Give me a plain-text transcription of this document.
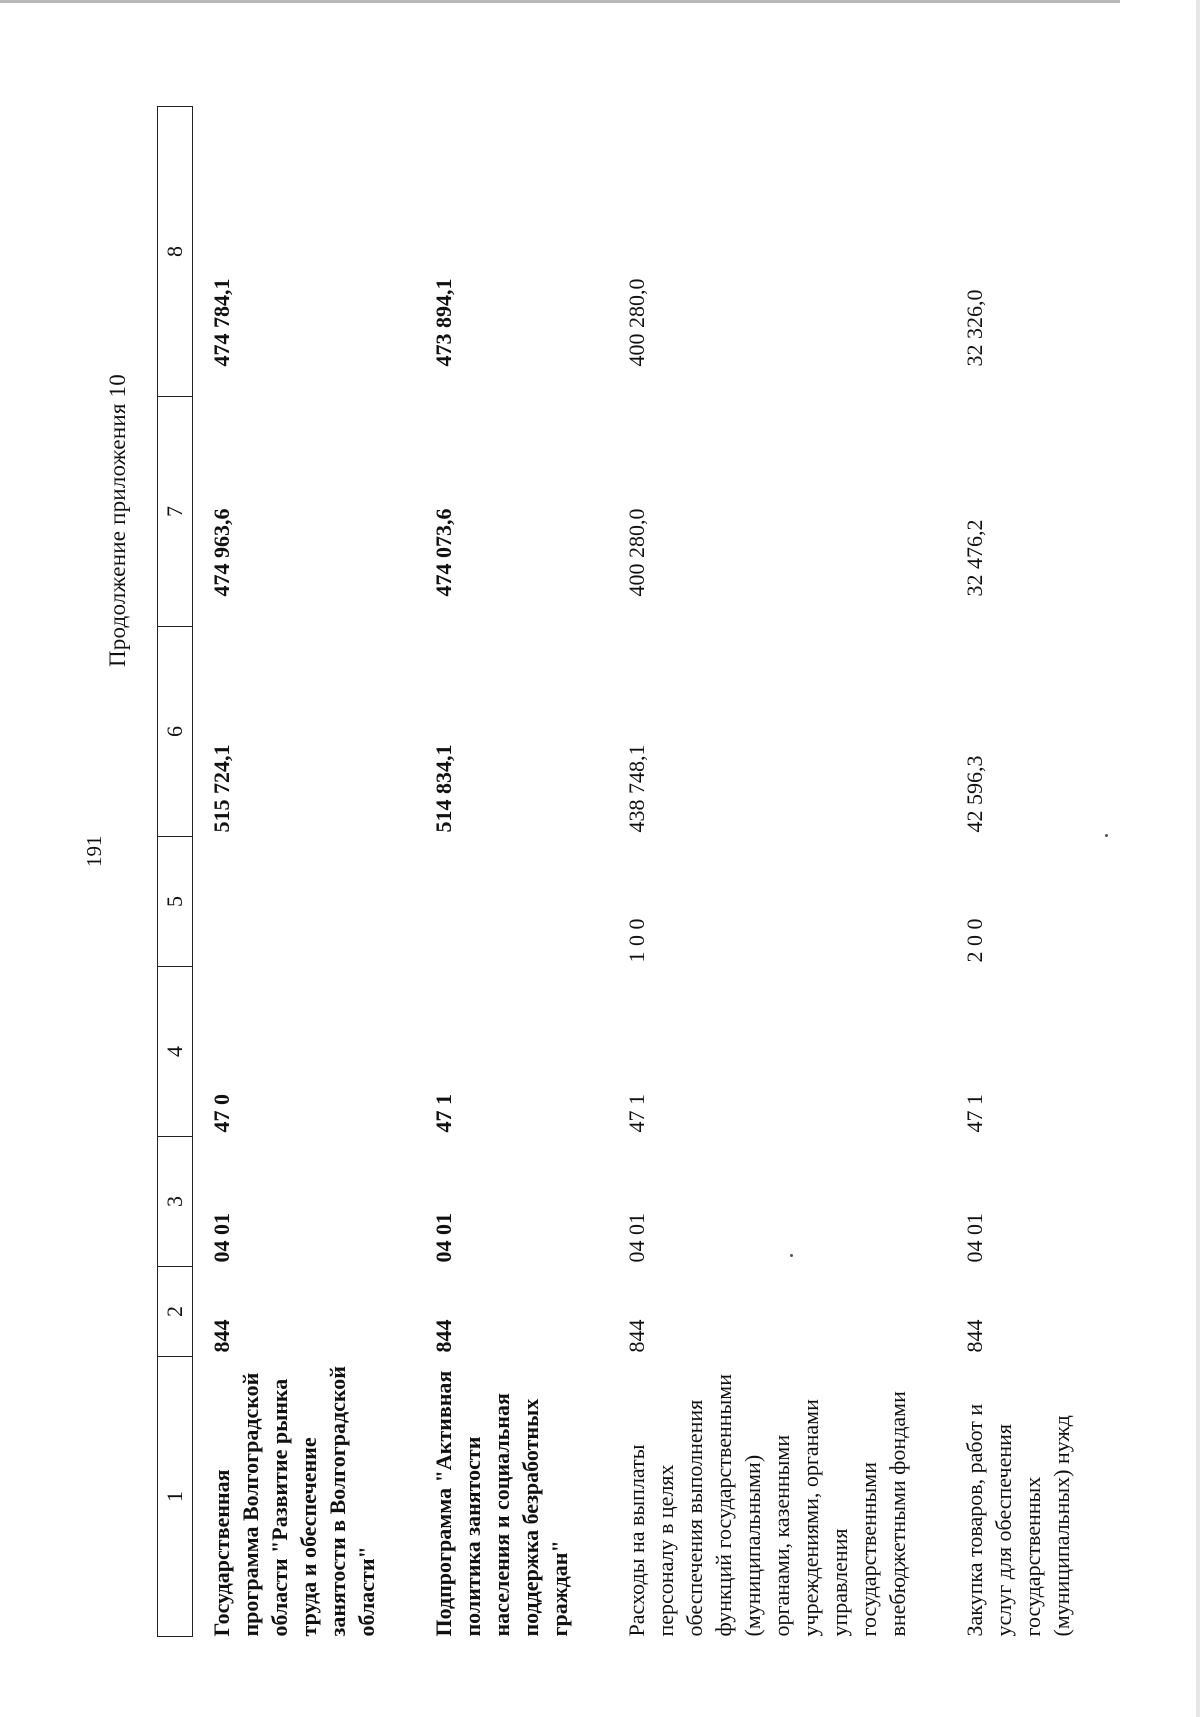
191
Продолжение приложения 10
1	2	3	4	5	6	7	8
Государственная программа Волгоградской области "Развитие рынка труда и обеспечение занятости в Волгоградской области"	844	04 01	47 0		515 724,1	474 963,6	474 784,1
Подпрограмма "Активная политика занятости населения и социальная поддержка безработных граждан"	844	04 01	47 1		514 834,1	474 073,6	473 894,1
Расходы на выплаты персоналу в целях обеспечения выполнения функций государственными (муниципальными) органами, казенными учреждениями, органами управления государственными внебюджетными фондами	844	04 01	47 1	1 0 0	438 748,1	400 280,0	400 280,0
Закупка товаров, работ и услуг для обеспечения государственных (муниципальных) нужд	844	04 01	47 1	2 0 0	42 596,3	32 476,2	32 326,0
